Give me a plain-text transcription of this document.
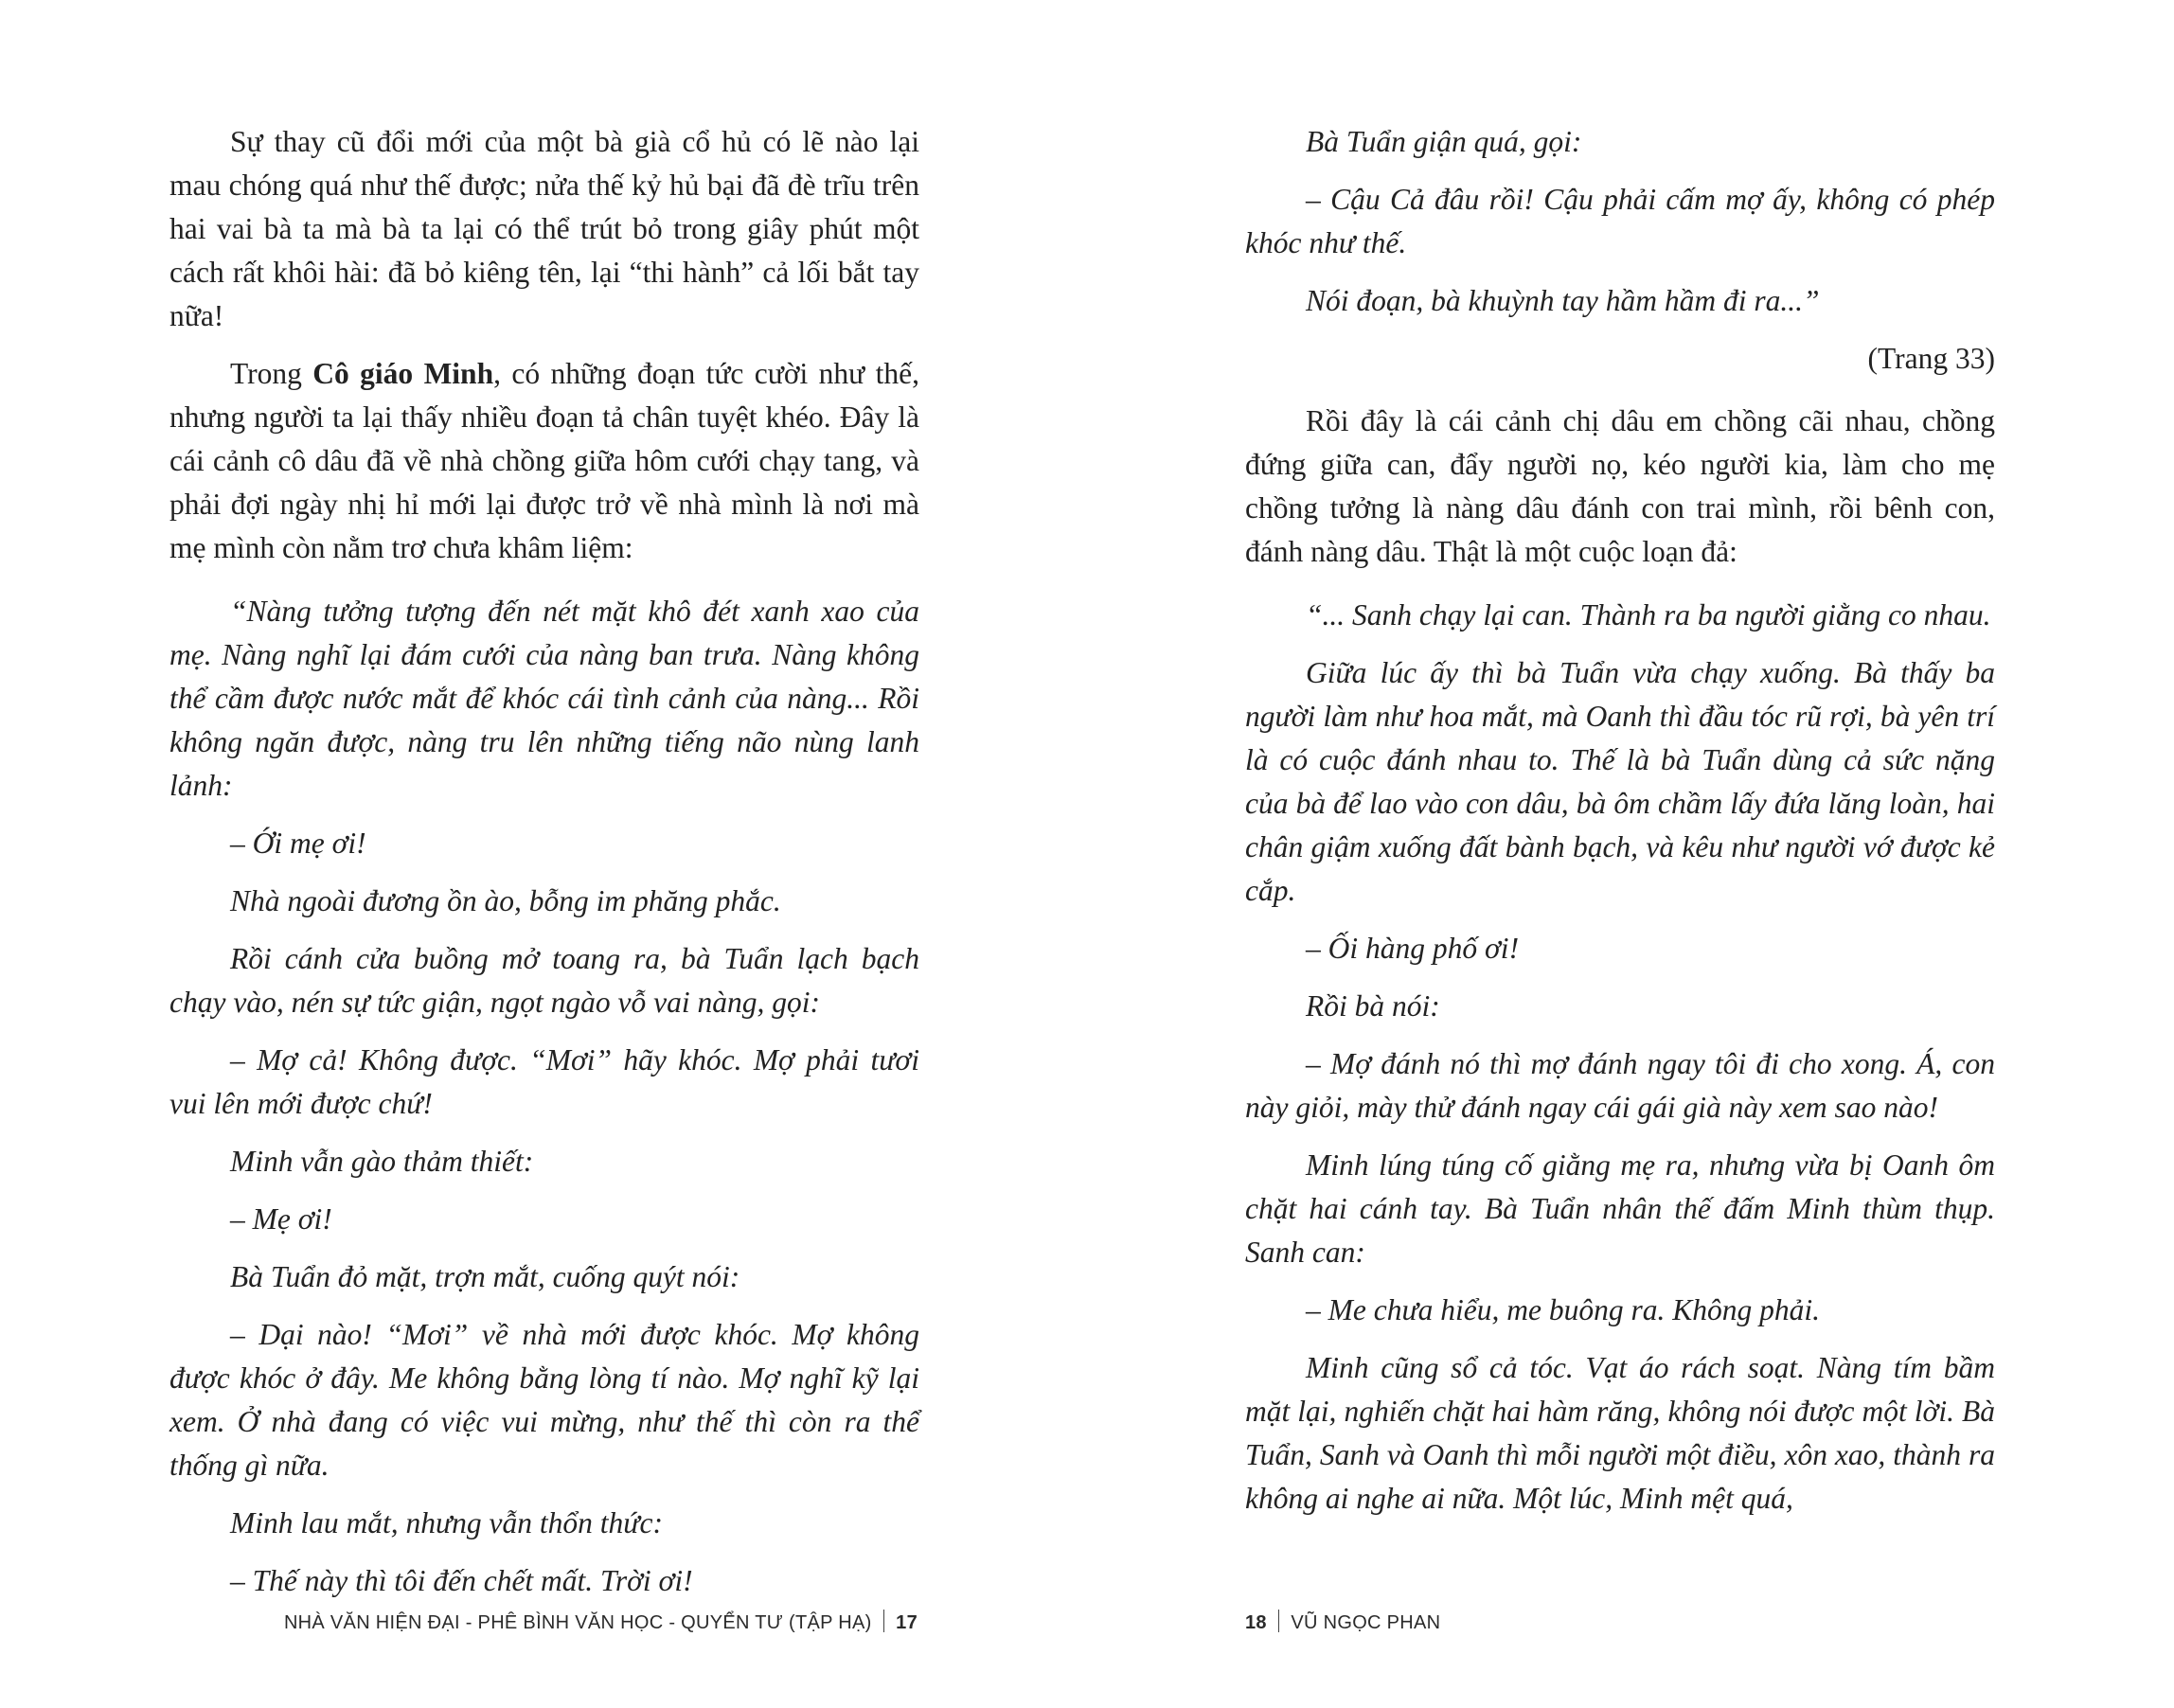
Sự thay cũ đổi mới của một bà già cổ hủ có lẽ nào lại mau chóng quá như thế được; nửa thế kỷ hủ bại đã đè trĩu trên hai vai bà ta mà bà ta lại có thể trút bỏ trong giây phút một cách rất khôi hài: đã bỏ kiêng tên, lại “thi hành” cả lối bắt tay nữa!

Trong Cô giáo Minh, có những đoạn tức cười như thế, nhưng người ta lại thấy nhiều đoạn tả chân tuyệt khéo. Đây là cái cảnh cô dâu đã về nhà chồng giữa hôm cưới chạy tang, và phải đợi ngày nhị hỉ mới lại được trở về nhà mình là nơi mà mẹ mình còn nằm trơ chưa khâm liệm:

“Nàng tưởng tượng đến nét mặt khô đét xanh xao của mẹ. Nàng nghĩ lại đám cưới của nàng ban trưa. Nàng không thể cầm được nước mắt để khóc cái tình cảnh của nàng... Rồi không ngăn được, nàng tru lên những tiếng não nùng lanh lảnh:

– Ới mẹ ơi!

Nhà ngoài đương ồn ào, bỗng im phăng phắc.

Rồi cánh cửa buồng mở toang ra, bà Tuẩn lạch bạch chạy vào, nén sự tức giận, ngọt ngào vỗ vai nàng, gọi:

– Mợ cả! Không được. “Mơi” hãy khóc. Mợ phải tươi vui lên mới được chứ!

Minh vẫn gào thảm thiết:

– Mẹ ơi!

Bà Tuẩn đỏ mặt, trợn mắt, cuống quýt nói:

– Dại nào! “Mơi” về nhà mới được khóc. Mợ không được khóc ở đây. Me không bằng lòng tí nào. Mợ nghĩ kỹ lại xem. Ở nhà đang có việc vui mừng, như thế thì còn ra thể thống gì nữa.

Minh lau mắt, nhưng vẫn thổn thức:

– Thế này thì tôi đến chết mất. Trời ơi!

NHÀ VĂN HIỆN ĐẠI - PHÊ BÌNH VĂN HỌC - QUYỂN TƯ (TẬP HẠ) 17

Bà Tuẩn giận quá, gọi:

– Cậu Cả đâu rồi! Cậu phải cấm mợ ấy, không có phép khóc như thế.

Nói đoạn, bà khuỳnh tay hầm hầm đi ra...”

(Trang 33)

Rồi đây là cái cảnh chị dâu em chồng cãi nhau, chồng đứng giữa can, đẩy người nọ, kéo người kia, làm cho mẹ chồng tưởng là nàng dâu đánh con trai mình, rồi bênh con, đánh nàng dâu. Thật là một cuộc loạn đả:

“... Sanh chạy lại can. Thành ra ba người giằng co nhau.

Giữa lúc ấy thì bà Tuẩn vừa chạy xuống. Bà thấy ba người làm như hoa mắt, mà Oanh thì đầu tóc rũ rợi, bà yên trí là có cuộc đánh nhau to. Thế là bà Tuẩn dùng cả sức nặng của bà để lao vào con dâu, bà ôm chầm lấy đứa lăng loàn, hai chân giậm xuống đất bành bạch, và kêu như người vớ được kẻ cắp.

– Ối hàng phố ơi!

Rồi bà nói:

– Mợ đánh nó thì mợ đánh ngay tôi đi cho xong. Á, con này giỏi, mày thử đánh ngay cái gái già này xem sao nào!

Minh lúng túng cố giằng mẹ ra, nhưng vừa bị Oanh ôm chặt hai cánh tay. Bà Tuẩn nhân thế đấm Minh thùm thụp. Sanh can:

– Me chưa hiểu, me buông ra. Không phải.

Minh cũng sổ cả tóc. Vạt áo rách soạt. Nàng tím bầm mặt lại, nghiến chặt hai hàm răng, không nói được một lời. Bà Tuẩn, Sanh và Oanh thì mỗi người một điều, xôn xao, thành ra không ai nghe ai nữa. Một lúc, Minh mệt quá,

18 VŨ NGỌC PHAN
